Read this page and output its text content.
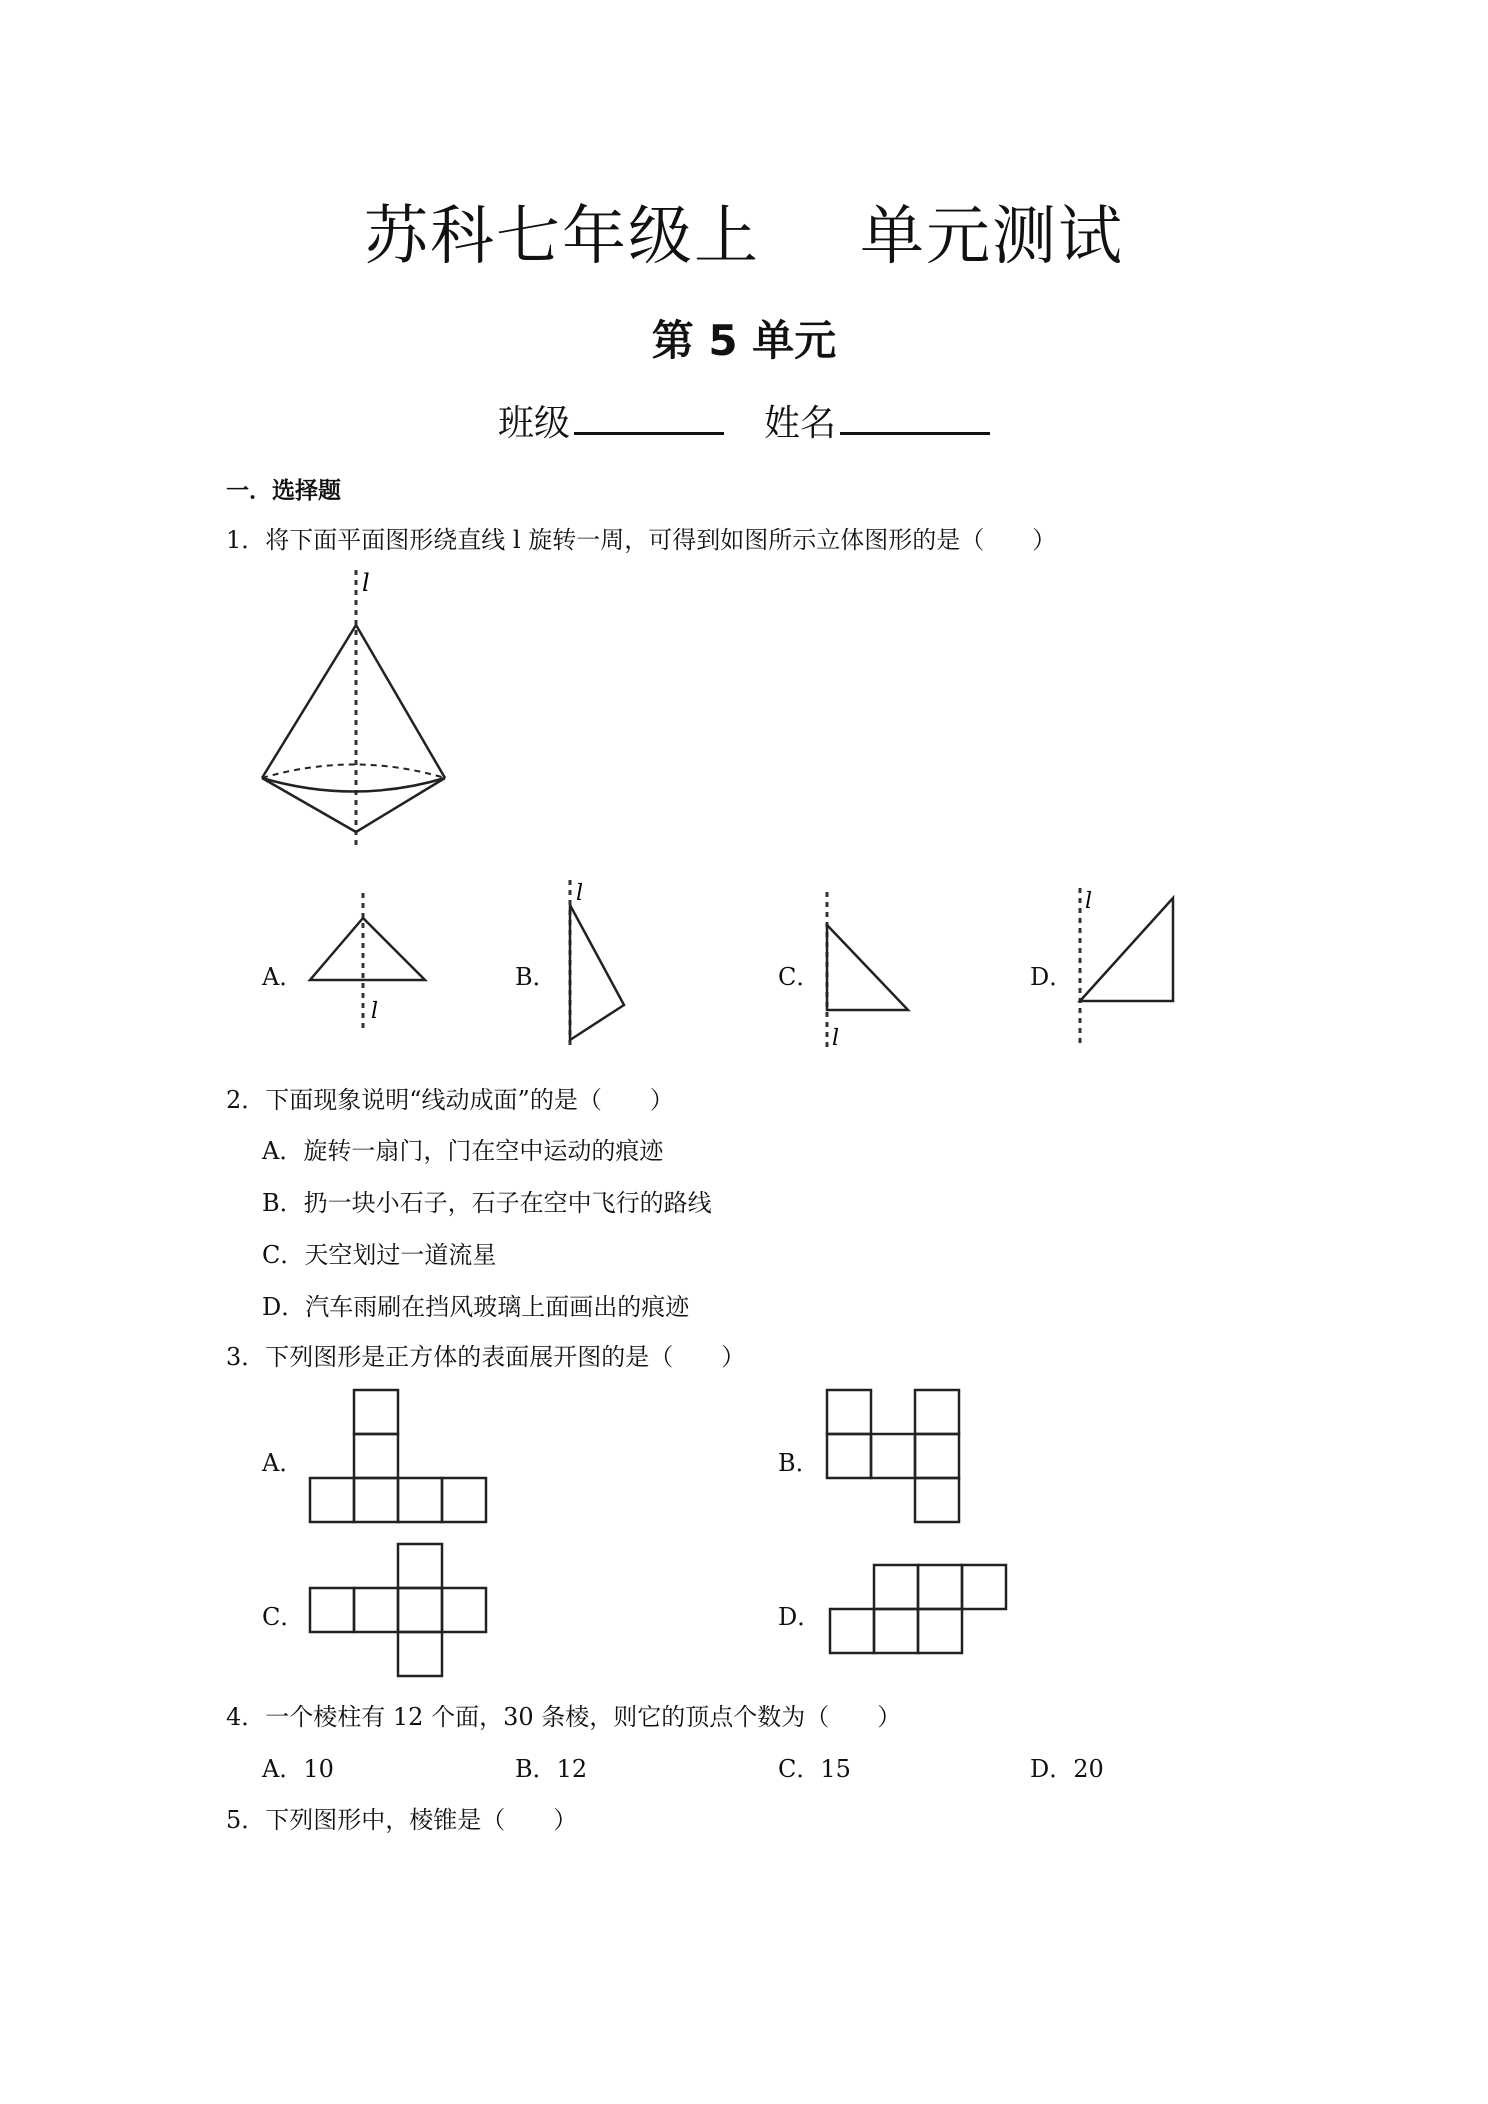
苏科七年级上 单元测试
第 5 单元
班级	姓名
一．选择题
1．将下面平面图形绕直线 l 旋转一周，可得到如图所示立体图形的是（　　）
l
A．
l
B．
l
C．
l
D．
l
2．下面现象说明“线动成面”的是（　　）
A．旋转一扇门，门在空中运动的痕迹
B．扔一块小石子，石子在空中飞行的路线
C．天空划过一道流星
D．汽车雨刷在挡风玻璃上面画出的痕迹
3．下列图形是正方体的表面展开图的是（　　）
A．	B．
C．	D．
4．一个棱柱有 12 个面，30 条棱，则它的顶点个数为（　　）
A．10	B．12	C．15	D．20
5．下列图形中，棱锥是（　　）
